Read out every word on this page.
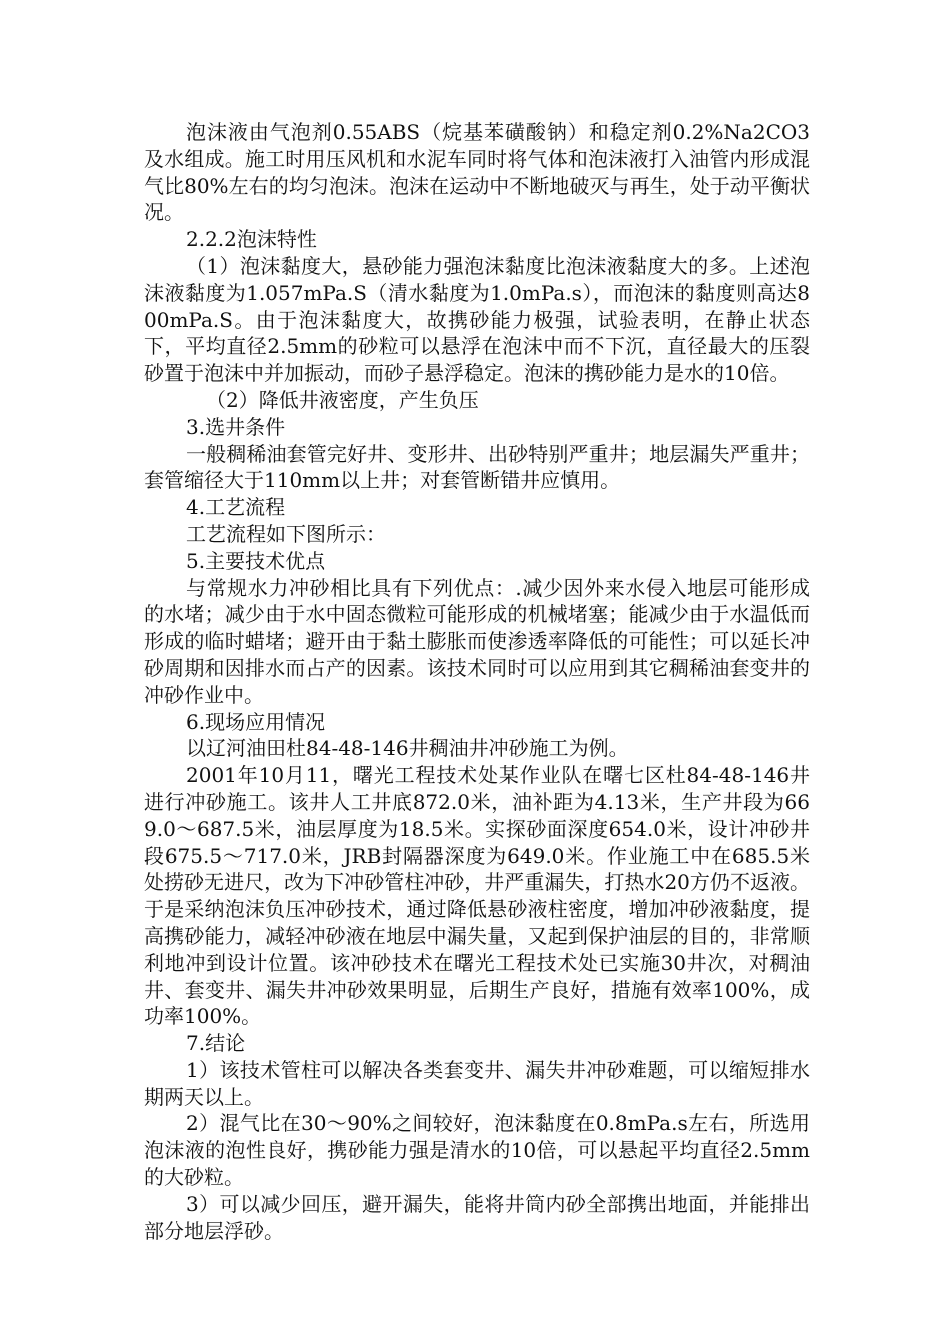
泡沫液由气泡剂0.55ABS（烷基苯磺酸钠）和稳定剂0.2%Na2CO3及水组成。施工时用压风机和水泥车同时将气体和泡沫液打入油管内形成混气比80%左右的均匀泡沫。泡沫在运动中不断地破灭与再生，处于动平衡状况。

2.2.2泡沫特性

（1）泡沫黏度大，悬砂能力强泡沫黏度比泡沫液黏度大的多。上述泡沫液黏度为1.057mPa.S（清水黏度为1.0mPa.s），而泡沫的黏度则高达800mPa.S。由于泡沫黏度大，故携砂能力极强，试验表明，在静止状态下，平均直径2.5mm的砂粒可以悬浮在泡沫中而不下沉，直径最大的压裂砂置于泡沫中并加振动，而砂子悬浮稳定。泡沫的携砂能力是水的10倍。

（2）降低井液密度，产生负压

3.选井条件

一般稠稀油套管完好井、变形井、出砂特别严重井；地层漏失严重井；套管缩径大于110mm以上井；对套管断错井应慎用。

4.工艺流程

工艺流程如下图所示：

5.主要技术优点

与常规水力冲砂相比具有下列优点：.减少因外来水侵入地层可能形成的水堵；减少由于水中固态微粒可能形成的机械堵塞；能减少由于水温低而形成的临时蜡堵；避开由于黏土膨胀而使渗透率降低的可能性；可以延长冲砂周期和因排水而占产的因素。该技术同时可以应用到其它稠稀油套变井的冲砂作业中。

6.现场应用情况

以辽河油田杜84-48-146井稠油井冲砂施工为例。

2001年10月11，曙光工程技术处某作业队在曙七区杜84-48-146井进行冲砂施工。该井人工井底872.0米，油补距为4.13米，生产井段为669.0～687.5米，油层厚度为18.5米。实探砂面深度654.0米，设计冲砂井段675.5～717.0米，JRB封隔器深度为649.0米。作业施工中在685.5米处捞砂无进尺，改为下冲砂管柱冲砂，井严重漏失，打热水20方仍不返液。于是采纳泡沫负压冲砂技术，通过降低悬砂液柱密度，增加冲砂液黏度，提高携砂能力，减轻冲砂液在地层中漏失量，又起到保护油层的目的，非常顺利地冲到设计位置。该冲砂技术在曙光工程技术处已实施30井次，对稠油井、套变井、漏失井冲砂效果明显，后期生产良好，措施有效率100%，成功率100%。

7.结论

1）该技术管柱可以解决各类套变井、漏失井冲砂难题，可以缩短排水期两天以上。

2）混气比在30～90%之间较好，泡沫黏度在0.8mPa.s左右，所选用泡沫液的泡性良好，携砂能力强是清水的10倍，可以悬起平均直径2.5mm的大砂粒。

3）可以减少回压，避开漏失，能将井筒内砂全部携出地面，并能排出部分地层浮砂。
